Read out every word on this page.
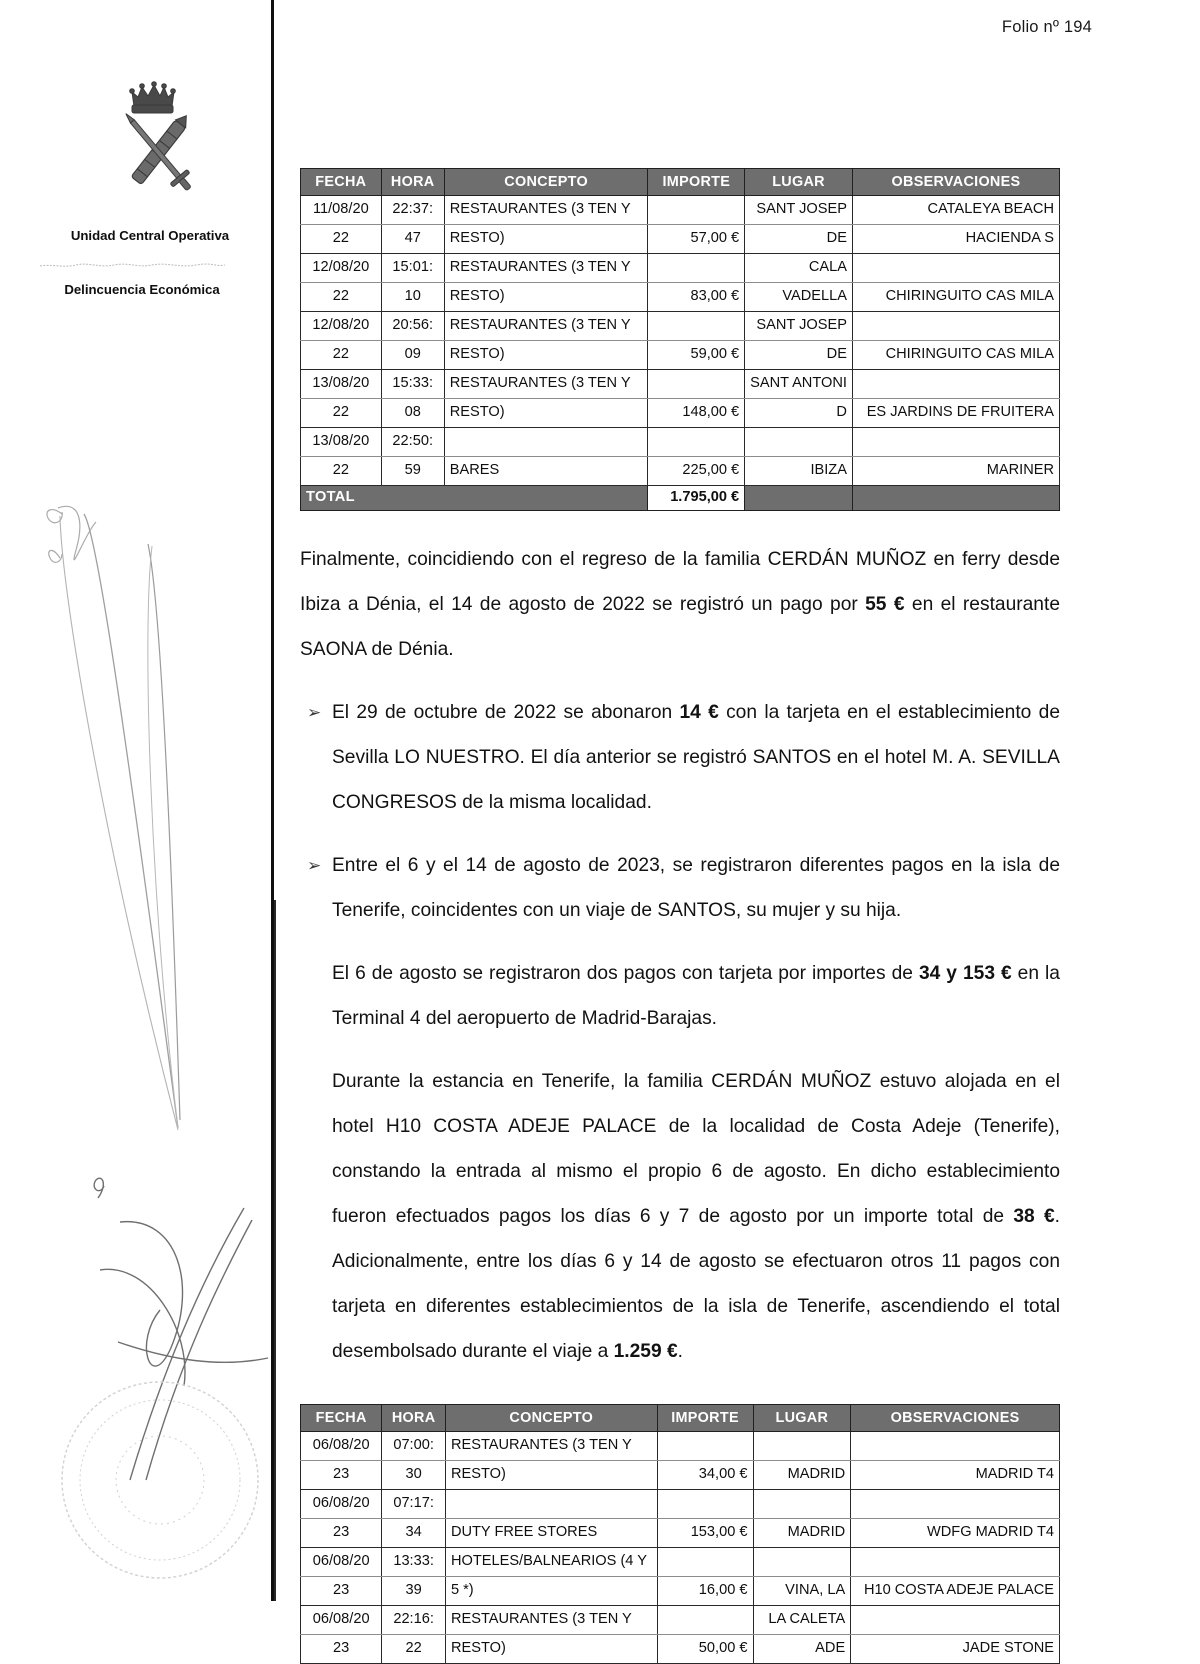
Folio nº 194
Unidad Central Operativa
Delincuencia Económica
FECHA	HORA	CONCEPTO	IMPORTE	LUGAR	OBSERVACIONES
11/08/20	22:37:	RESTAURANTES (3 TEN Y		SANT JOSEP	CATALEYA BEACH
22	47	RESTO)	57,00 €	DE	HACIENDA S
12/08/20	15:01:	RESTAURANTES (3 TEN Y		CALA	
22	10	RESTO)	83,00 €	VADELLA	CHIRINGUITO CAS MILA
12/08/20	20:56:	RESTAURANTES (3 TEN Y		SANT JOSEP	
22	09	RESTO)	59,00 €	DE	CHIRINGUITO CAS MILA
13/08/20	15:33:	RESTAURANTES (3 TEN Y		SANT ANTONI	
22	08	RESTO)	148,00 €	D	ES JARDINS DE FRUITERA
13/08/20	22:50:				
22	59	BARES	225,00 €	IBIZA	MARINER
TOTAL			1.795,00 €		

Finalmente, coincidiendo con el regreso de la familia CERDÁN MUÑOZ en ferry desde Ibiza a Dénia, el 14 de agosto de 2022 se registró un pago por 55 € en el restaurante SAONA de Dénia.

➢ El 29 de octubre de 2022 se abonaron 14 € con la tarjeta en el establecimiento de Sevilla LO NUESTRO. El día anterior se registró SANTOS en el hotel M. A. SEVILLA CONGRESOS de la misma localidad.

➢ Entre el 6 y el 14 de agosto de 2023, se registraron diferentes pagos en la isla de Tenerife, coincidentes con un viaje de SANTOS, su mujer y su hija.

El 6 de agosto se registraron dos pagos con tarjeta por importes de 34 y 153 € en la Terminal 4 del aeropuerto de Madrid-Barajas.

Durante la estancia en Tenerife, la familia CERDÁN MUÑOZ estuvo alojada en el hotel H10 COSTA ADEJE PALACE de la localidad de Costa Adeje (Tenerife), constando la entrada al mismo el propio 6 de agosto. En dicho establecimiento fueron efectuados pagos los días 6 y 7 de agosto por un importe total de 38 €. Adicionalmente, entre los días 6 y 14 de agosto se efectuaron otros 11 pagos con tarjeta en diferentes establecimientos de la isla de Tenerife, ascendiendo el total desembolsado durante el viaje a 1.259 €.

FECHA	HORA	CONCEPTO	IMPORTE	LUGAR	OBSERVACIONES
06/08/20	07:00:	RESTAURANTES (3 TEN Y			
23	30	RESTO)	34,00 €	MADRID	MADRID T4
06/08/20	07:17:				
23	34	DUTY FREE STORES	153,00 €	MADRID	WDFG MADRID T4
06/08/20	13:33:	HOTELES/BALNEARIOS (4 Y			
23	39	5 *)	16,00 €	VINA, LA	H10 COSTA ADEJE PALACE
06/08/20	22:16:	RESTAURANTES (3 TEN Y		LA CALETA	
23	22	RESTO)	50,00 €	ADE	JADE STONE
